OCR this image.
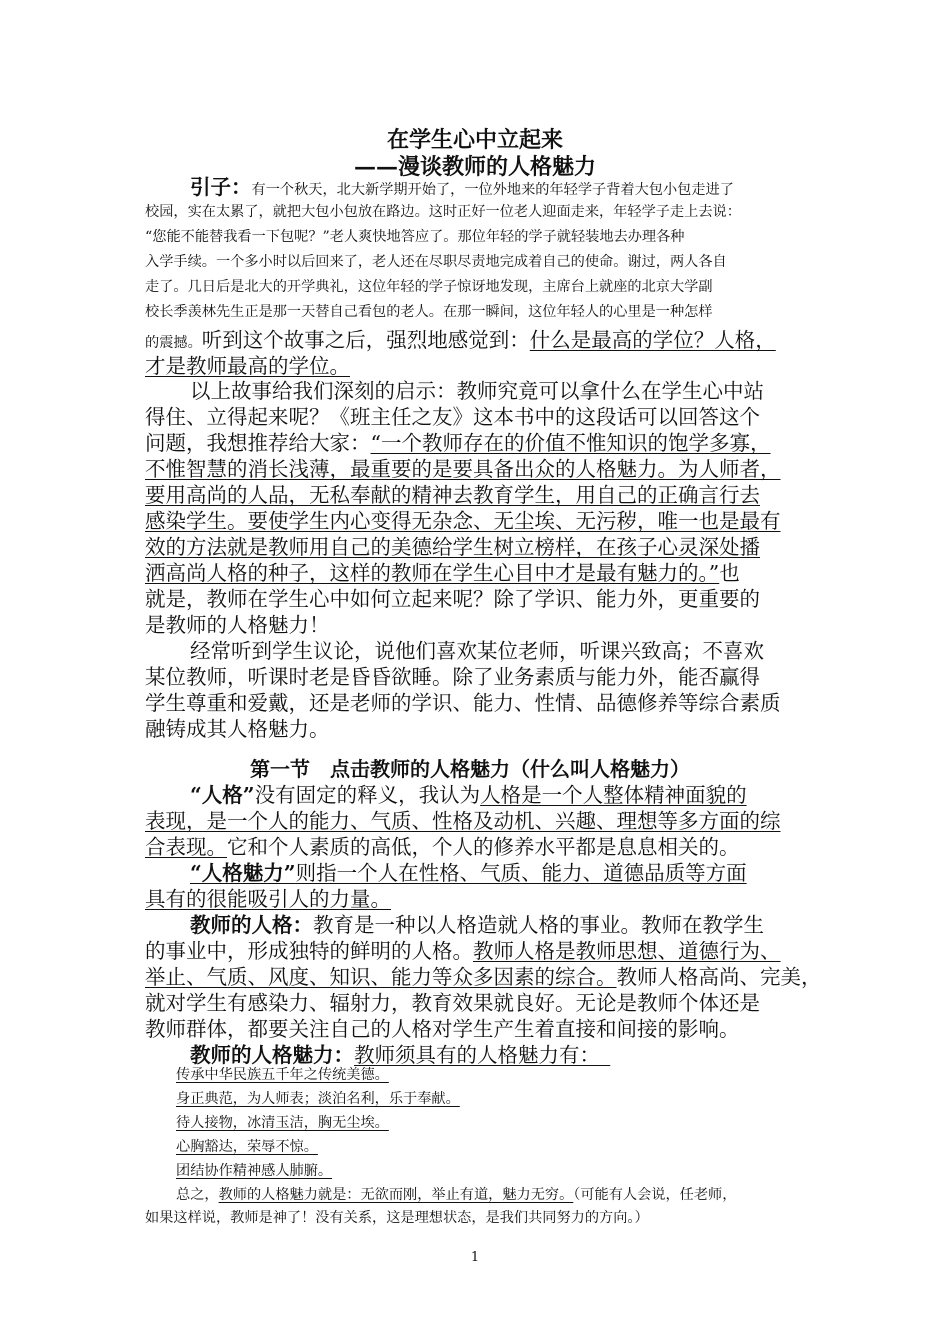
在学生心中立起来
——漫谈教师的人格魅力
引子：有一个秋天，北大新学期开始了，一位外地来的年轻学子背着大包小包走进了
校园，实在太累了，就把大包小包放在路边。这时正好一位老人迎面走来，年轻学子走上去说：
“您能不能替我看一下包呢？”老人爽快地答应了。那位年轻的学子就轻装地去办理各种
入学手续。一个多小时以后回来了，老人还在尽职尽责地完成着自己的使命。谢过，两人各自
走了。几日后是北大的开学典礼，这位年轻的学子惊讶地发现，主席台上就座的北京大学副
校长季羡林先生正是那一天替自己看包的老人。在那一瞬间，这位年轻人的心里是一种怎样
的震撼。听到这个故事之后，强烈地感觉到：什么是最高的学位？人格，
才是教师最高的学位。
以上故事给我们深刻的启示：教师究竟可以拿什么在学生心中站
得住、立得起来呢？《班主任之友》这本书中的这段话可以回答这个
问题，我想推荐给大家：“一个教师存在的价值不惟知识的饱学多寡，
不惟智慧的消长浅薄，最重要的是要具备出众的人格魅力。为人师者，
要用高尚的人品，无私奉献的精神去教育学生，用自己的正确言行去
感染学生。要使学生内心变得无杂念、无尘埃、无污秽，唯一也是最有
效的方法就是教师用自己的美德给学生树立榜样，在孩子心灵深处播
洒高尚人格的种子，这样的教师在学生心目中才是最有魅力的。”也
就是，教师在学生心中如何立起来呢？除了学识、能力外，更重要的
是教师的人格魅力！
经常听到学生议论，说他们喜欢某位老师，听课兴致高；不喜欢
某位教师，听课时老是昏昏欲睡。除了业务素质与能力外，能否赢得
学生尊重和爱戴，还是老师的学识、能力、性情、品德修养等综合素质
融铸成其人格魅力。
第一节　点击教师的人格魅力（什么叫人格魅力）
“人格”没有固定的释义，我认为人格是一个人整体精神面貌的
表现，是一个人的能力、气质、性格及动机、兴趣、理想等多方面的综
合表现。它和个人素质的高低，个人的修养水平都是息息相关的。
“人格魅力”则指一个人在性格、气质、能力、道德品质等方面
具有的很能吸引人的力量。
教师的人格：教育是一种以人格造就人格的事业。教师在教学生
的事业中，形成独特的鲜明的人格。教师人格是教师思想、道德行为、
举止、气质、风度、知识、能力等众多因素的综合。教师人格高尚、完美，
就对学生有感染力、辐射力，教育效果就良好。无论是教师个体还是
教师群体，都要关注自己的人格对学生产生着直接和间接的影响。
教师的人格魅力：教师须具有的人格魅力有：　
传承中华民族五千年之传统美德。
身正典范，为人师表；淡泊名利，乐于奉献。
待人接物，冰清玉洁，胸无尘埃。
心胸豁达，荣辱不惊。
团结协作精神感人肺腑。
总之，教师的人格魅力就是：无欲而刚，举止有道，魅力无穷。（可能有人会说，任老师，
如果这样说，教师是神了！没有关系，这是理想状态，是我们共同努力的方向。）
1
